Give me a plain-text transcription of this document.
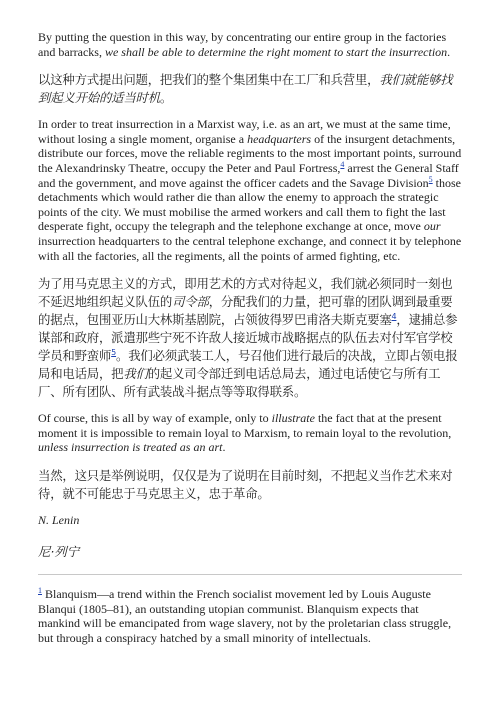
By putting the question in this way, by concentrating our entire group in the factories and barracks, we shall be able to determine the right moment to start the insurrection.

以这种方式提出问题，把我们的整个集团集中在工厂和兵营里，我们就能够找到起义开始的适当时机。

In order to treat insurrection in a Marxist way, i.e. as an art, we must at the same time, without losing a single moment, organise a headquarters of the insurgent detachments, distribute our forces, move the reliable regiments to the most important points, surround the Alexandrinsky Theatre, occupy the Peter and Paul Fortress,$^4$ arrest the General Staff and the government, and move against the officer cadets and the Savage Division$^5$ those detachments which would rather die than allow the enemy to approach the strategic points of the city. We must mobilise the armed workers and call them to fight the last desperate fight, occupy the telegraph and the telephone exchange at once, move our insurrection headquarters to the central telephone exchange, and connect it by telephone with all the factories, all the regiments, all the points of armed fighting, etc.

为了用马克思主义的方式，即用艺术的方式对待起义，我们就必须同时一刻也不延迟地组织起义队伍的司令部，分配我们的力量，把可靠的团队调到最重要的据点，包围亚历山大林斯基剧院，占领彼得罗巴甫洛夫斯克要塞$^4$，逮捕总参谋部和政府，派遣那些宁死不许敌人接近城市战略据点的队伍去对付军官学校学员和野蛮师$^5$。我们必须武装工人，号召他们进行最后的决战，立即占领电报局和电话局，把我们的起义司令部迁到电话总局去，通过电话使它与所有工厂、所有团队、所有武装战斗据点等等取得联系。

Of course, this is all by way of example, only to illustrate the fact that at the present moment it is impossible to remain loyal to Marxism, to remain loyal to the revolution, unless insurrection is treated as an art.

当然，这只是举例说明，仅仅是为了说明在目前时刻，不把起义当作艺术来对待，就不可能忠于马克思主义，忠于革命。

N. Lenin

尼·列宁

$^1$ Blanquism—a trend within the French socialist movement led by Louis Auguste Blanqui (1805–81), an outstanding utopian communist. Blanquism expects that mankind will be emancipated from wage slavery, not by the proletarian class struggle, but through a conspiracy hatched by a small minority of intellectuals.
